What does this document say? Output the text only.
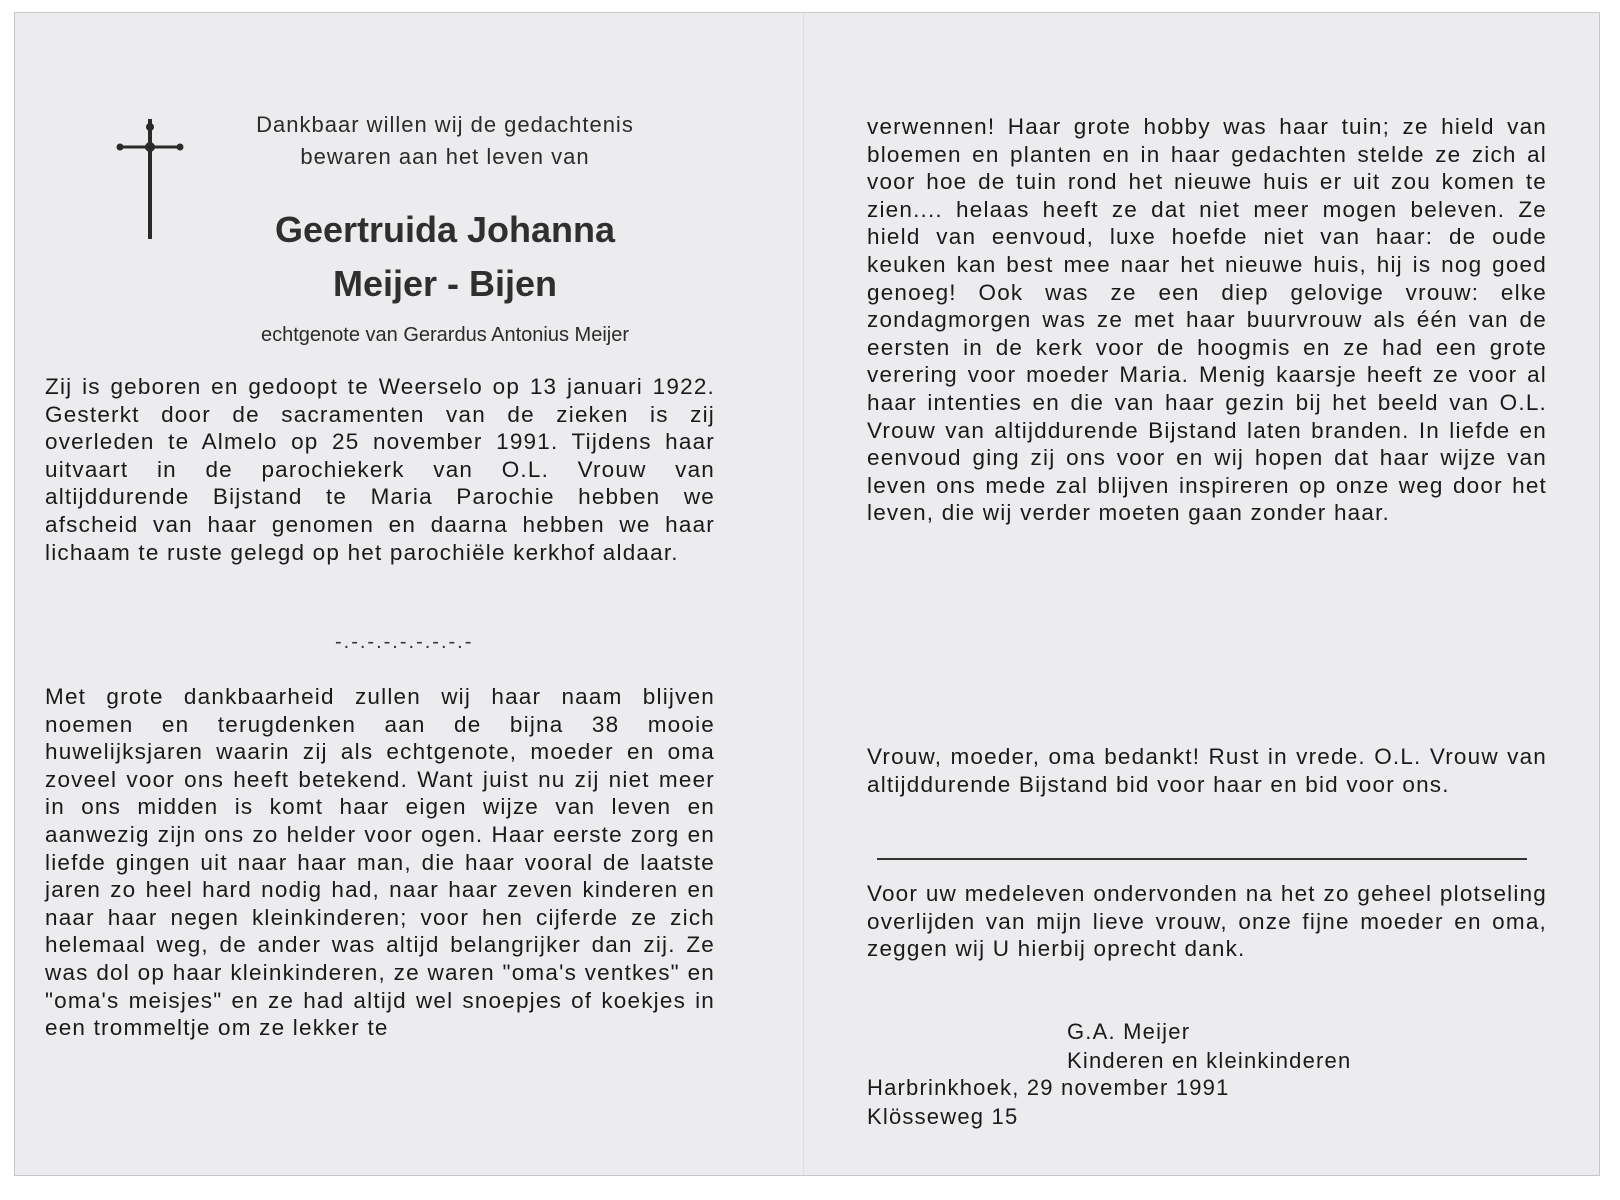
Dankbaar willen wij de gedachtenis
bewaren aan het leven van
Geertruida Johanna
Meijer - Bijen
echtgenote van Gerardus Antonius Meijer

Zij is geboren en gedoopt te Weerselo op 13 januari 1922. Gesterkt door de sacramenten van de zieken is zij overleden te Almelo op 25 november 1991. Tijdens haar uitvaart in de parochiekerk van O.L. Vrouw van altijddurende Bijstand te Maria Parochie hebben we afscheid van haar genomen en daarna hebben we haar lichaam te ruste gelegd op het parochiële kerkhof aldaar.

-.-.-.-.-.-.-.-.-

Met grote dankbaarheid zullen wij haar naam blijven noemen en terugdenken aan de bijna 38 mooie huwelijksjaren waarin zij als echtgenote, moeder en oma zoveel voor ons heeft betekend. Want juist nu zij niet meer in ons midden is komt haar eigen wijze van leven en aanwezig zijn ons zo helder voor ogen. Haar eerste zorg en liefde gingen uit naar haar man, die haar vooral de laatste jaren zo heel hard nodig had, naar haar zeven kinderen en naar haar negen kleinkinderen; voor hen cijferde ze zich helemaal weg, de ander was altijd belangrijker dan zij. Ze was dol op haar kleinkinderen, ze waren "oma's ventkes" en "oma's meisjes" en ze had altijd wel snoepjes of koekjes in een trommeltje om ze lekker te

verwennen! Haar grote hobby was haar tuin; ze hield van bloemen en planten en in haar gedachten stelde ze zich al voor hoe de tuin rond het nieuwe huis er uit zou komen te zien.... helaas heeft ze dat niet meer mogen beleven. Ze hield van eenvoud, luxe hoefde niet van haar: de oude keuken kan best mee naar het nieuwe huis, hij is nog goed genoeg! Ook was ze een diep gelovige vrouw: elke zondagmorgen was ze met haar buurvrouw als één van de eersten in de kerk voor de hoogmis en ze had een grote verering voor moeder Maria. Menig kaarsje heeft ze voor al haar intenties en die van haar gezin bij het beeld van O.L. Vrouw van altijddurende Bijstand laten branden. In liefde en eenvoud ging zij ons voor en wij hopen dat haar wijze van leven ons mede zal blijven inspireren op onze weg door het leven, die wij verder moeten gaan zonder haar.

Vrouw, moeder, oma bedankt! Rust in vrede. O.L. Vrouw van altijddurende Bijstand bid voor haar en bid voor ons.

Voor uw medeleven ondervonden na het zo geheel plotseling overlijden van mijn lieve vrouw, onze fijne moeder en oma, zeggen wij U hierbij oprecht dank.

G.A. Meijer
Kinderen en kleinkinderen
Harbrinkhoek, 29 november 1991
Klösseweg 15
